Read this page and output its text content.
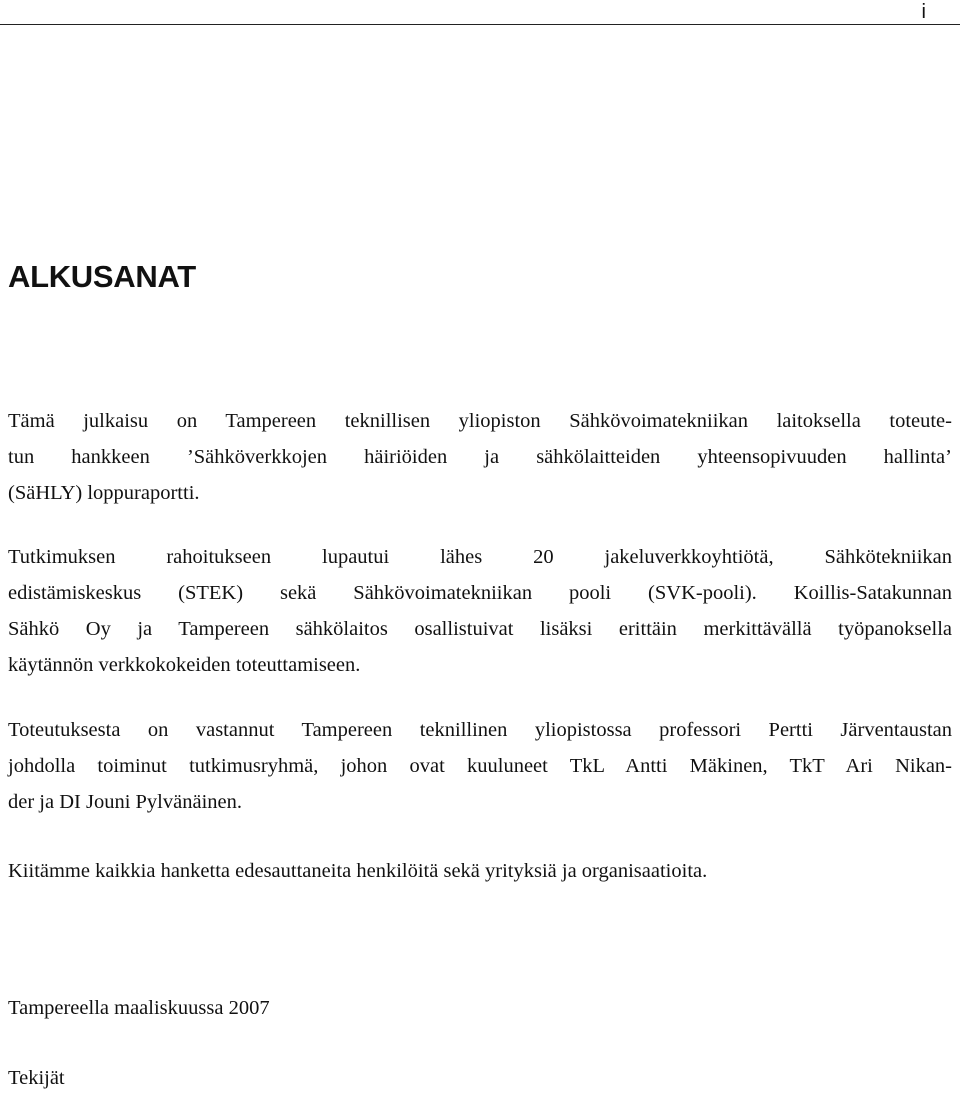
i
ALKUSANAT

Tämä julkaisu on Tampereen teknillisen yliopiston Sähkövoimatekniikan laitoksella toteute-
tun hankkeen ’Sähköverkkojen häiriöiden ja sähkölaitteiden yhteensopivuuden hallinta’
(SäHLY) loppuraportti.

Tutkimuksen rahoitukseen lupautui lähes 20 jakeluverkkoyhtiötä, Sähkötekniikan
edistämiskeskus (STEK) sekä Sähkövoimatekniikan pooli (SVK-pooli). Koillis-Satakunnan
Sähkö Oy ja Tampereen sähkölaitos osallistuivat lisäksi erittäin merkittävällä työpanoksella
käytännön verkkokokeiden toteuttamiseen.

Toteutuksesta on vastannut Tampereen teknillinen yliopistossa professori Pertti Järventaustan
johdolla toiminut tutkimusryhmä, johon ovat kuuluneet TkL Antti Mäkinen, TkT Ari Nikan-
der ja DI Jouni Pylvänäinen.

Kiitämme kaikkia hanketta edesauttaneita henkilöitä sekä yrityksiä ja organisaatioita.

Tampereella maaliskuussa 2007

Tekijät
